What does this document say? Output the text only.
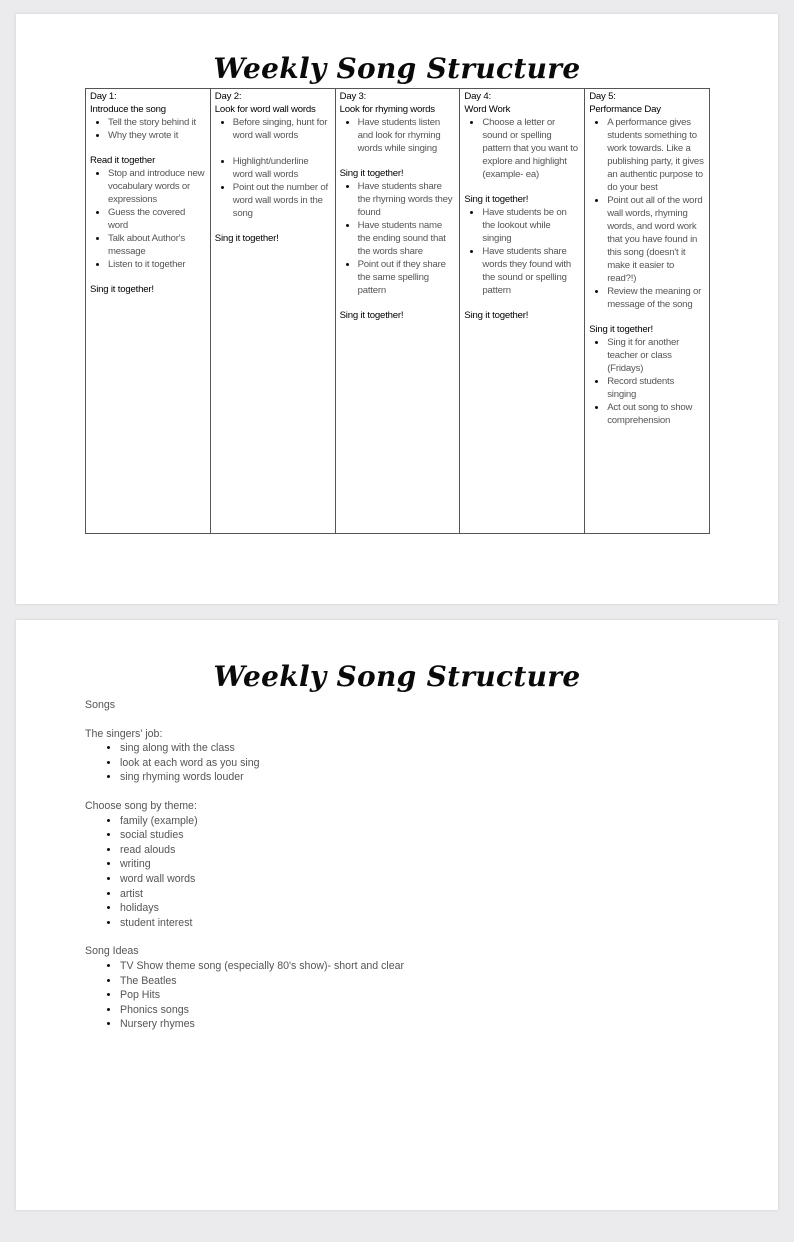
Weekly Song Structure
Day 1:
Introduce the song
• Tell the story behind it
• Why they wrote it
Read it together
• Stop and introduce new vocabulary words or expressions
• Guess the covered word
• Talk about Author's message
• Listen to it together
Sing it together!

Day 2:
Look for word wall words
• Before singing, hunt for word wall words
• Highlight/underline word wall words
• Point out the number of word wall words in the song
Sing it together!

Day 3:
Look for rhyming words
• Have students listen and look for rhyming words while singing
Sing it together!
• Have students share the rhyming words they found
• Have students name the ending sound that the words share
• Point out if they share the same spelling pattern
Sing it together!

Day 4:
Word Work
• Choose a letter or sound or spelling pattern that you want to explore and highlight (example- ea)
Sing it together!
• Have students be on the lookout while singing
• Have students share words they found with the sound or spelling pattern
Sing it together!

Day 5:
Performance Day
• A performance gives students something to work towards. Like a publishing party, it gives an authentic purpose to do your best
• Point out all of the word wall words, rhyming words, and word work that you have found in this song (doesn't it make it easier to read?!)
• Review the meaning or message of the song
Sing it together!
• Sing it for another teacher or class (Fridays)
• Record students singing
• Act out song to show comprehension
Weekly Song Structure
Songs
The singers' job:
• sing along with the class
• look at each word as you sing
• sing rhyming words louder
Choose song by theme:
• family (example)
• social studies
• read alouds
• writing
• word wall words
• artist
• holidays
• student interest
Song Ideas
• TV Show theme song (especially 80's show)- short and clear
• The Beatles
• Pop Hits
• Phonics songs
• Nursery rhymes
